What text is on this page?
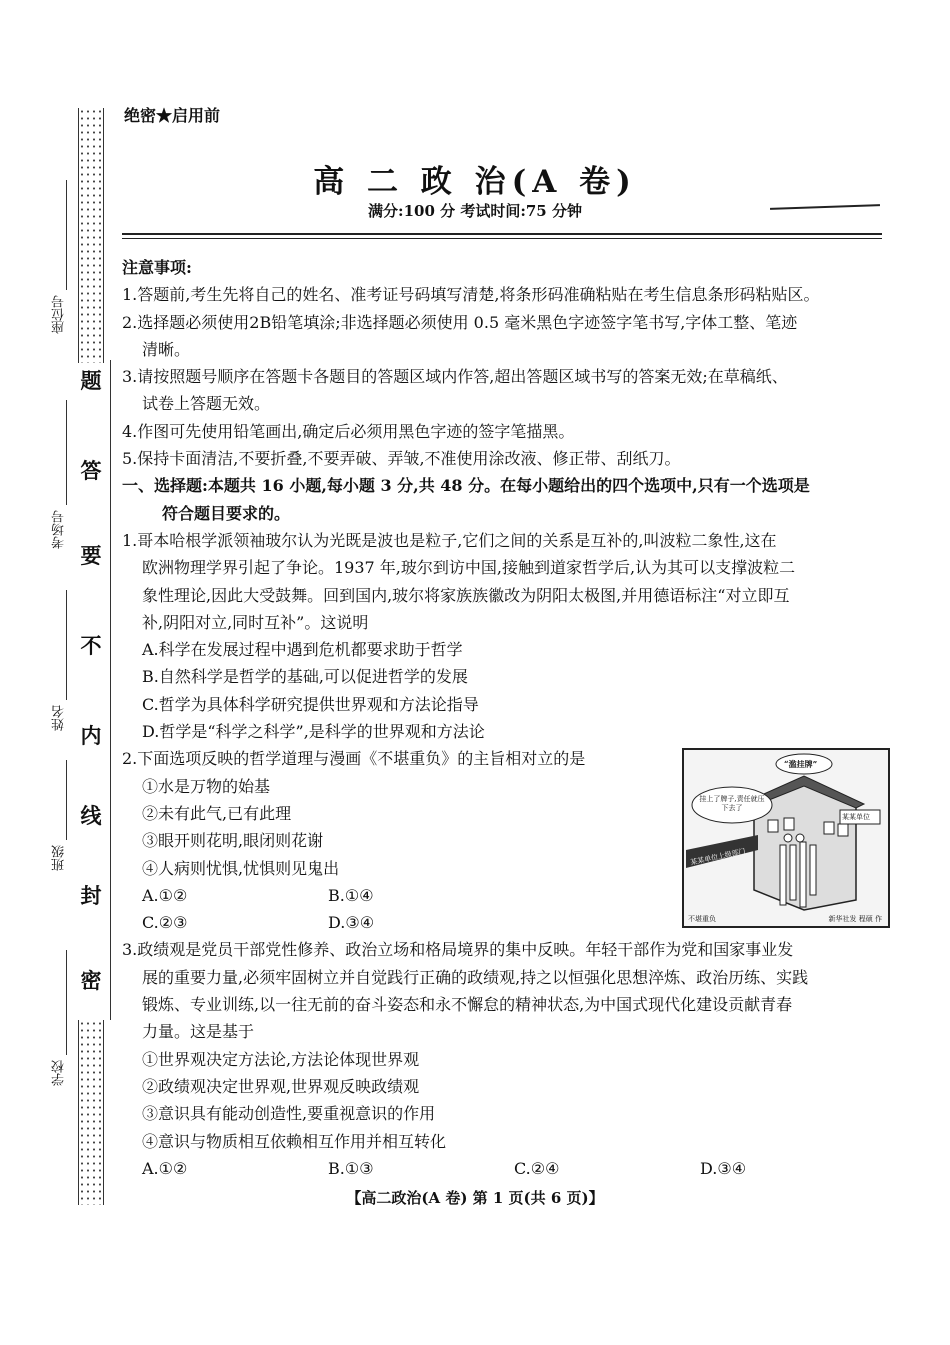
题
答
要
不
内
线
封
密
座位号
考场号
姓名
班级
学校
绝密★启用前
高 二 政 治(A 卷)
满分:100 分 考试时间:75 分钟

注意事项:

1.答题前,考生先将自己的姓名、准考证号码填写清楚,将条形码准确粘贴在考生信息条形码粘贴区。

2.选择题必须使用2B铅笔填涂;非选择题必须使用 0.5 毫米黑色字迹签字笔书写,字体工整、笔迹

清晰。

3.请按照题号顺序在答题卡各题目的答题区域内作答,超出答题区域书写的答案无效;在草稿纸、

试卷上答题无效。

4.作图可先使用铅笔画出,确定后必须用黑色字迹的签字笔描黑。

5.保持卡面清洁,不要折叠,不要弄破、弄皱,不准使用涂改液、修正带、刮纸刀。

一、选择题:本题共 16 小题,每小题 3 分,共 48 分。在每小题给出的四个选项中,只有一个选项是

符合题目要求的。

1.哥本哈根学派领袖玻尔认为光既是波也是粒子,它们之间的关系是互补的,叫波粒二象性,这在

欧洲物理学界引起了争论。1937 年,玻尔到访中国,接触到道家哲学后,认为其可以支撑波粒二

象性理论,因此大受鼓舞。回到国内,玻尔将家族族徽改为阴阳太极图,并用德语标注“对立即互

补,阴阳对立,同时互补”。这说明

A.科学在发展过程中遇到危机都要求助于哲学

B.自然科学是哲学的基础,可以促进哲学的发展

C.哲学为具体科学研究提供世界观和方法论指导

D.哲学是“科学之科学”,是科学的世界观和方法论

2.下面选项反映的哲学道理与漫画《不堪重负》的主旨相对立的是

①水是万物的始基

②未有此气,已有此理

③眼开则花明,眼闭则花谢

④人病则忧惧,忧惧则见鬼出

A.①②	B.①④
C.②③	D.③④

3.政绩观是党员干部党性修养、政治立场和格局境界的集中反映。年轻干部作为党和国家事业发

展的重要力量,必须牢固树立并自觉践行正确的政绩观,持之以恒强化思想淬炼、政治历练、实践

锻炼、专业训练,以一往无前的奋斗姿态和永不懈怠的精神状态,为中国式现代化建设贡献青春

力量。这是基于

①世界观决定方法论,方法论体现世界观

②政绩观决定世界观,世界观反映政绩观

③意识具有能动创造性,要重视意识的作用

④意识与物质相互依赖相互作用并相互转化

A.①②	B.①③	C.②④	D.③④
“滥挂牌”
挂上了牌子,责任就压下去了
某某单位
某某单位上级部门
不堪重负	新华社发 程硕 作
【高二政治(A 卷) 第 1 页(共 6 页)】
